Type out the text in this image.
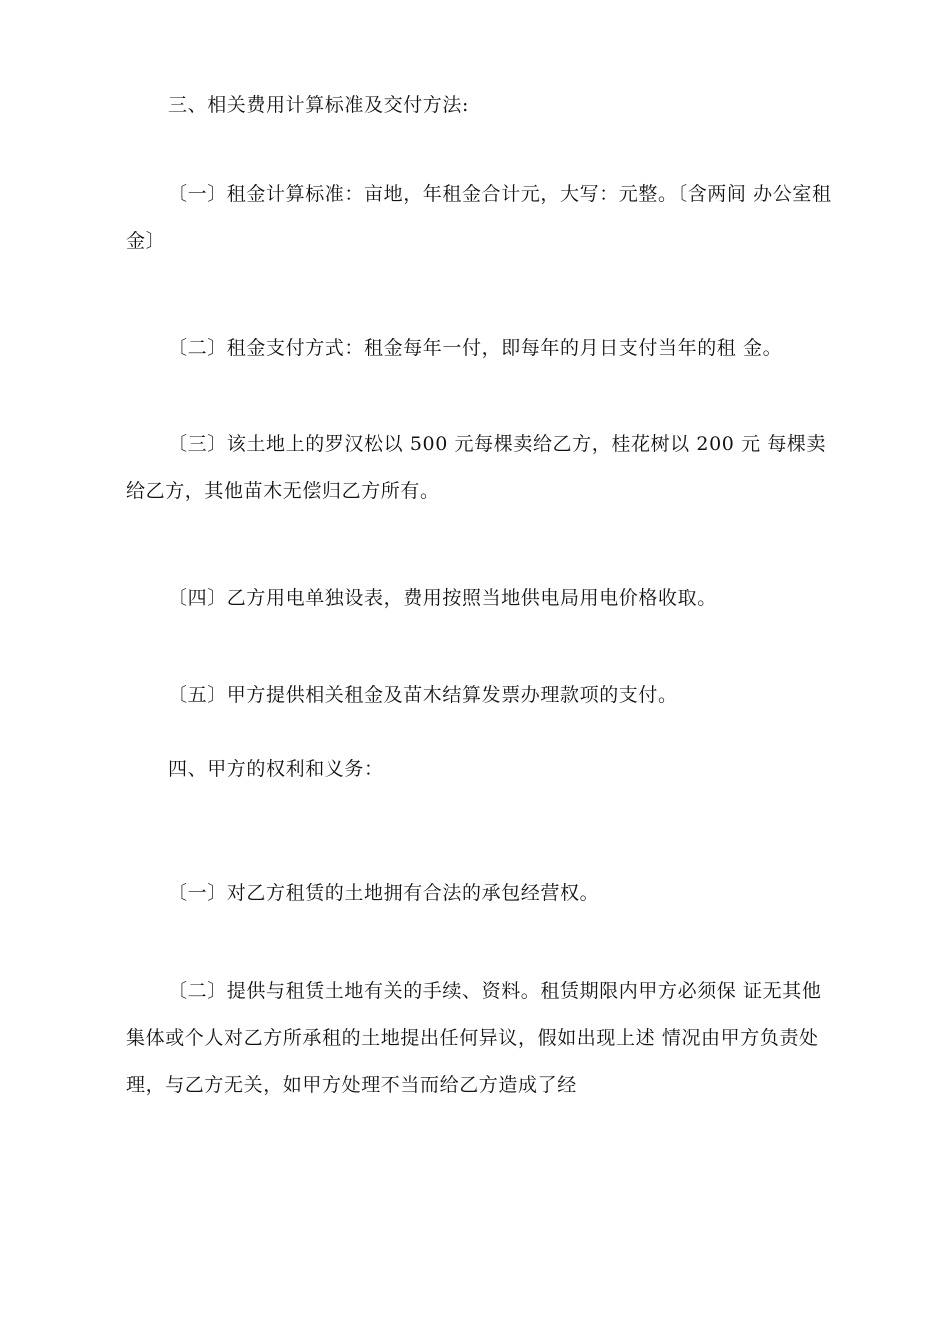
三、相关费用计算标准及交付方法:

〔一〕租金计算标准：亩地，年租金合计元，大写：元整。〔含两间 办公室租金〕

〔二〕租金支付方式：租金每年一付，即每年的月日支付当年的租 金。

〔三〕该土地上的罗汉松以 500 元每棵卖给乙方，桂花树以 200 元 每棵卖给乙方，其他苗木无偿归乙方所有。

〔四〕乙方用电单独设表，费用按照当地供电局用电价格收取。

〔五〕甲方提供相关租金及苗木结算发票办理款项的支付。

四、甲方的权利和义务：

〔一〕对乙方租赁的土地拥有合法的承包经营权。

〔二〕提供与租赁土地有关的手续、资料。租赁期限内甲方必须保 证无其他集体或个人对乙方所承租的土地提出任何异议，假如出现上述 情况由甲方负责处理，与乙方无关，如甲方处理不当而给乙方造成了经
